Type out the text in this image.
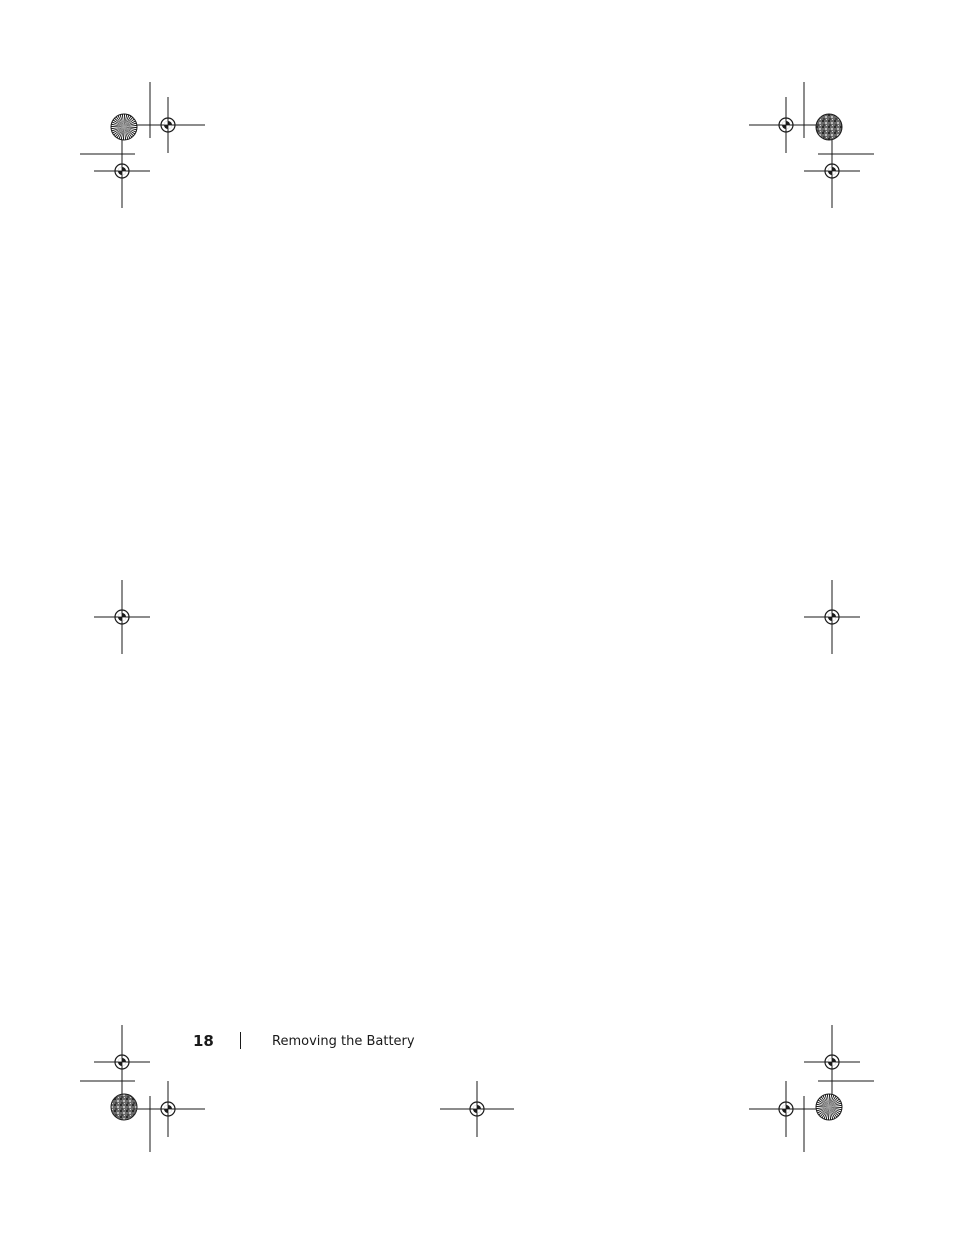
18	Removing the Battery
